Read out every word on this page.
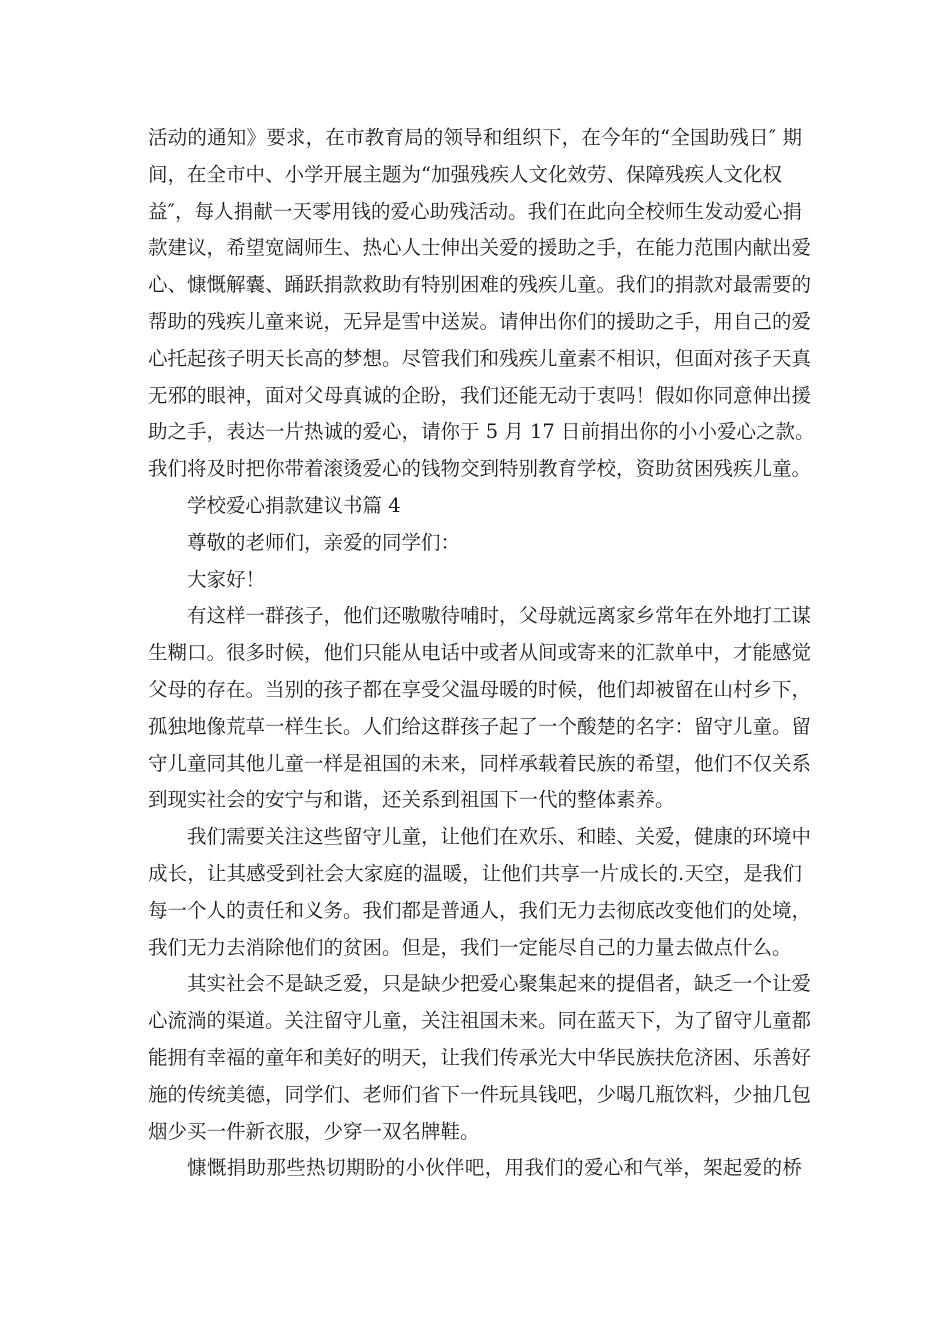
活动的通知》要求，在市教育局的领导和组织下，在今年的“全国助残日″ 期
间，在全市中、小学开展主题为“加强残疾人文化效劳、保障残疾人文化权
益″，每人捐献一天零用钱的爱心助残活动。我们在此向全校师生发动爱心捐
款建议，希望宽阔师生、热心人士伸出关爱的援助之手，在能力范围内献出爱
心、慷慨解囊、踊跃捐款救助有特别困难的残疾儿童。我们的捐款对最需要的
帮助的残疾儿童来说，无异是雪中送炭。请伸出你们的援助之手，用自己的爱
心托起孩子明天长高的梦想。尽管我们和残疾儿童素不相识，但面对孩子天真
无邪的眼神，面对父母真诚的企盼，我们还能无动于衷吗！假如你同意伸出援
助之手，表达一片热诚的爱心，请你于 5 月 17 日前捐出你的小小爱心之款。
我们将及时把你带着滚烫爱心的钱物交到特别教育学校，资助贫困残疾儿童。
学校爱心捐款建议书篇 4
尊敬的老师们，亲爱的同学们：
大家好！
有这样一群孩子，他们还嗷嗷待哺时，父母就远离家乡常年在外地打工谋
生糊口。很多时候，他们只能从电话中或者从间或寄来的汇款单中，才能感觉
父母的存在。当别的孩子都在享受父温母暖的时候，他们却被留在山村乡下，
孤独地像荒草一样生长。人们给这群孩子起了一个酸楚的名字：留守儿童。留
守儿童同其他儿童一样是祖国的未来，同样承载着民族的希望，他们不仅关系
到现实社会的安宁与和谐，还关系到祖国下一代的整体素养。
我们需要关注这些留守儿童，让他们在欢乐、和睦、关爱，健康的环境中
成长，让其感受到社会大家庭的温暖，让他们共享一片成长的.天空，是我们
每一个人的责任和义务。我们都是普通人，我们无力去彻底改变他们的处境，
我们无力去消除他们的贫困。但是，我们一定能尽自己的力量去做点什么。
其实社会不是缺乏爱，只是缺少把爱心聚集起来的提倡者，缺乏一个让爱
心流淌的渠道。关注留守儿童，关注祖国未来。同在蓝天下，为了留守儿童都
能拥有幸福的童年和美好的明天，让我们传承光大中华民族扶危济困、乐善好
施的传统美德，同学们、老师们省下一件玩具钱吧，少喝几瓶饮料，少抽几包
烟少买一件新衣服，少穿一双名牌鞋。
慷慨捐助那些热切期盼的小伙伴吧，用我们的爱心和气举，架起爱的桥
